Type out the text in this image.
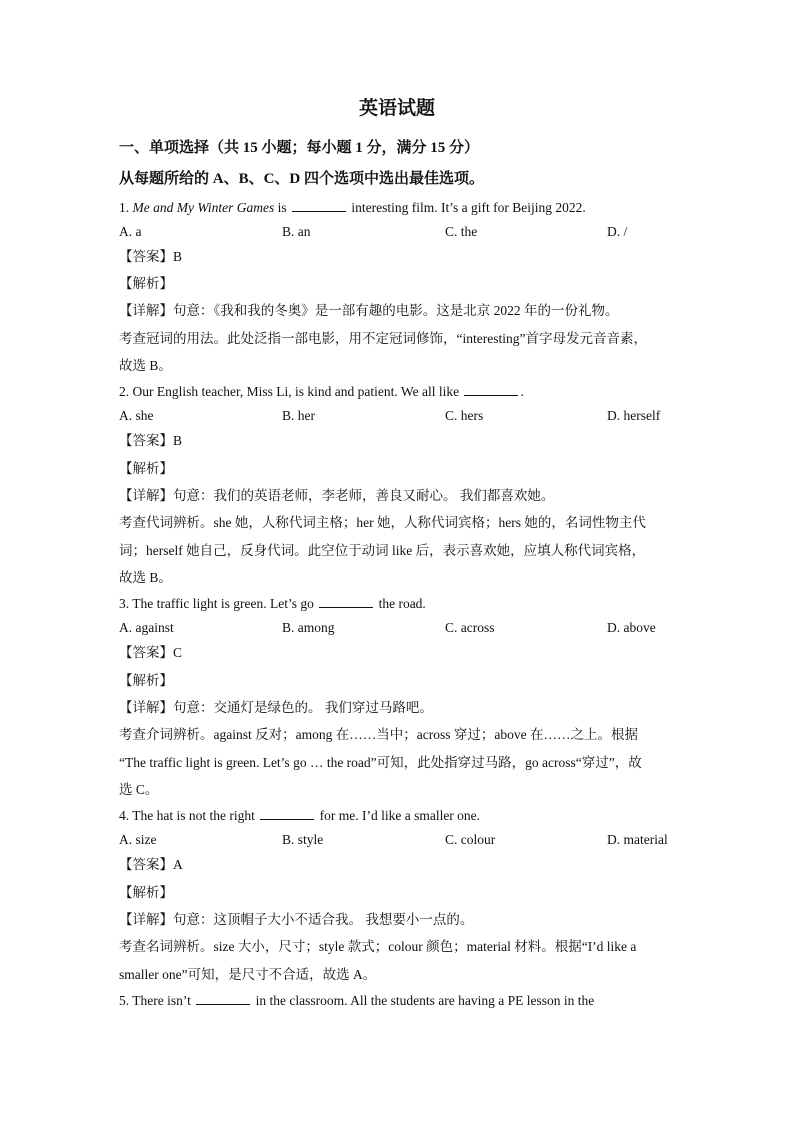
英语试题
一、单项选择（共 15 小题；每小题 1 分，满分 15 分）
从每题所给的 A、B、C、D 四个选项中选出最佳选项。
1. Me and My Winter Games is	interesting film. It’s a gift for Beijing 2022.
A. a	B. an	C. the	D. /
【答案】B
【解析】
【详解】句意：《我和我的冬奥》是一部有趣的电影。这是北京 2022 年的一份礼物。
考查冠词的用法。此处泛指一部电影，用不定冠词修饰，“interesting”首字母发元音音素，
故选 B。
2. Our English teacher, Miss Li, is kind and patient. We all like	.
A. she	B. her	C. hers	D. herself
【答案】B
【解析】
【详解】句意：我们的英语老师，李老师，善良又耐心。 我们都喜欢她。
考查代词辨析。she 她，人称代词主格；her 她，人称代词宾格；hers 她的，名词性物主代
词；herself 她自己，反身代词。此空位于动词 like 后，表示喜欢她，应填人称代词宾格，
故选 B。
3. The traffic light is green. Let’s go	the road.
A. against	B. among	C. across	D. above
【答案】C
【解析】
【详解】句意：交通灯是绿色的。 我们穿过马路吧。
考查介词辨析。against 反对；among 在……当中；across 穿过；above 在……之上。根据
“The traffic light is green. Let’s go … the road”可知，此处指穿过马路，go across“穿过”，故
选 C。
4. The hat is not the right	for me. I’d like a smaller one.
A. size	B. style	C. colour	D. material
【答案】A
【解析】
【详解】句意：这顶帽子大小不适合我。 我想要小一点的。
考查名词辨析。size 大小，尺寸；style 款式；colour 颜色；material 材料。根据“I’d like a
smaller one”可知，是尺寸不合适，故选 A。
5. There isn’t	in the classroom. All the students are having a PE lesson in the
